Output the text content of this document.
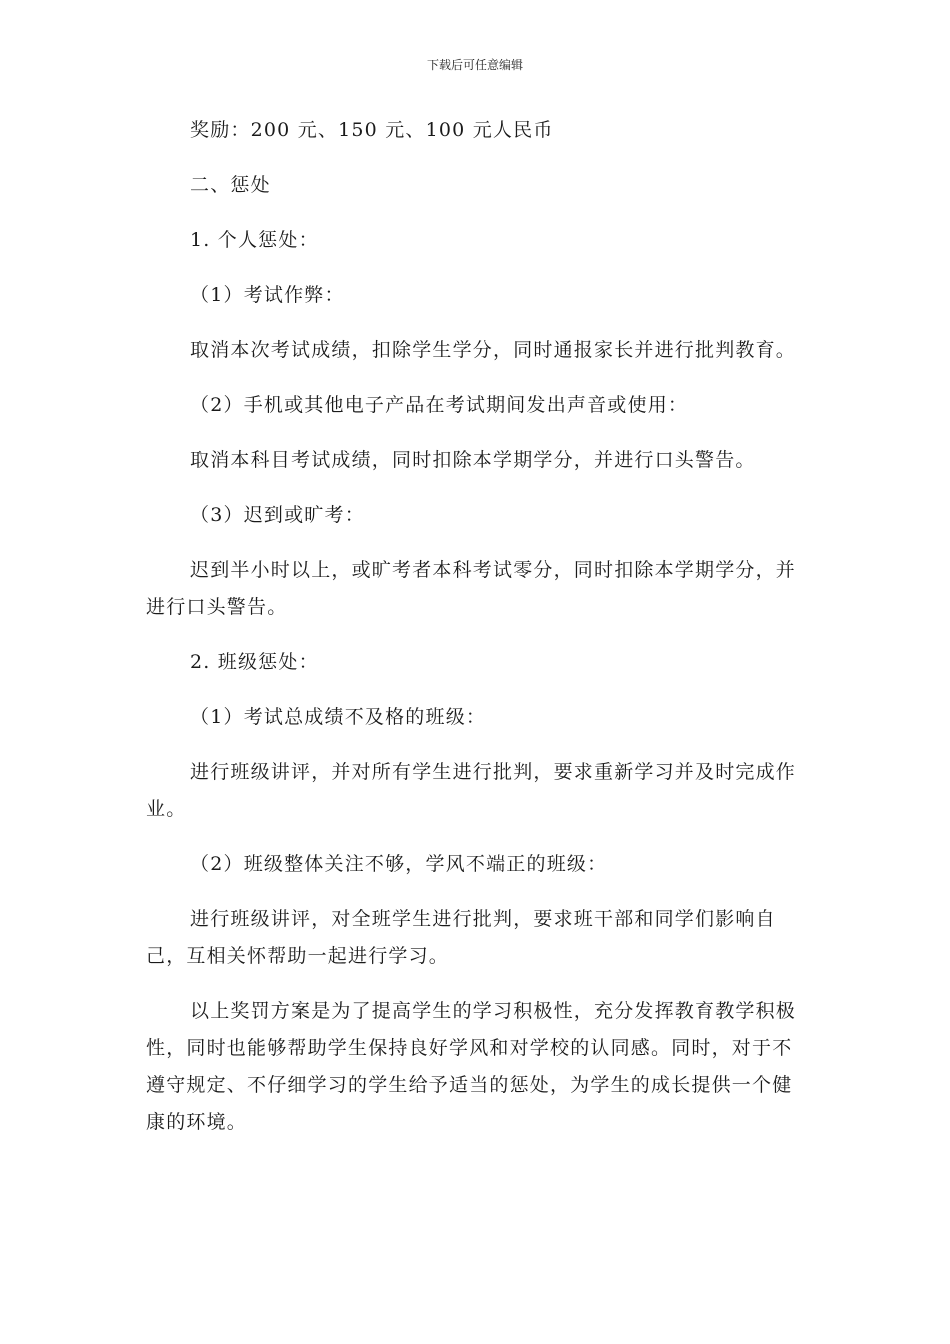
下载后可任意编辑

奖励：200 元、150 元、100 元人民币

二、惩处

1. 个人惩处：

（1）考试作弊：

取消本次考试成绩，扣除学生学分，同时通报家长并进行批判教育。

（2）手机或其他电子产品在考试期间发出声音或使用：

取消本科目考试成绩，同时扣除本学期学分，并进行口头警告。

（3）迟到或旷考：

迟到半小时以上，或旷考者本科考试零分，同时扣除本学期学分，并进行口头警告。

2. 班级惩处：

（1）考试总成绩不及格的班级：

进行班级讲评，并对所有学生进行批判，要求重新学习并及时完成作业。

（2）班级整体关注不够，学风不端正的班级：

进行班级讲评，对全班学生进行批判，要求班干部和同学们影响自己，互相关怀帮助一起进行学习。

以上奖罚方案是为了提高学生的学习积极性，充分发挥教育教学积极性，同时也能够帮助学生保持良好学风和对学校的认同感。同时，对于不遵守规定、不仔细学习的学生给予适当的惩处，为学生的成长提供一个健康的环境。
